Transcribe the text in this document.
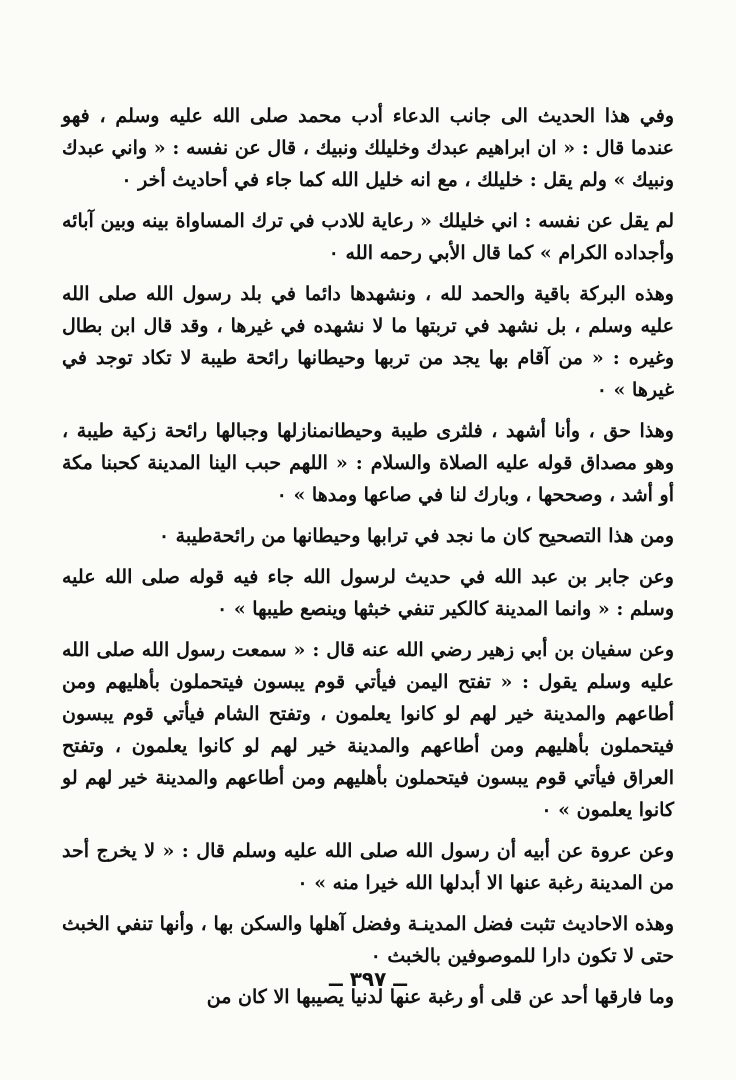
وفي هذا الحديث الى جانب الدعاء أدب محمد صلى الله عليه وسلم ، فهو عندما قال : « ان ابراهيم عبدك وخليلك ونبيك ، قال عن نفسه : « واني عبدك ونبيك » ولم يقل : خليلك ، مع انه خليل الله كما جاء في أحاديث أخر ٠

لم يقل عن نفسه : اني خليلك « رعاية للادب في ترك المساواة بينه وبين آبائه وأجداده الكرام » كما قال الأبي رحمه الله ٠

وهذه البركة باقية والحمد لله ، ونشهدها دائما في بلد رسول الله صلى الله عليه وسلم ، بل نشهد في تربتها ما لا نشهده في غيرها ، وقد قال ابن بطال وغيره : « من آقام بها يجد من تربها وحيطانها رائحة طيبة لا تكاد توجد في غيرها » ٠

وهذا حق ، وأنا أشهد ، فلثرى طيبة وحيطانمنازلها وجبالها رائحة زكية طيبة ، وهو مصداق قوله عليه الصلاة والسلام : « اللهم حبب الينا المدينة كحبنا مكة أو أشد ، وصححها ، وبارك لنا في صاعها ومدها » ٠

ومن هذا التصحيح كان ما نجد في ترابها وحيطانها من رائحةطيبة ٠

وعن جابر بن عبد الله في حديث لرسول الله جاء فيه قوله صلى الله عليه وسلم : « وانما المدينة كالكير تنفي خبثها وينصع طيبها » ٠

وعن سفيان بن أبي زهير رضي الله عنه قال : « سمعت رسول الله صلى الله عليه وسلم يقول : « تفتح اليمن فيأتي قوم يبسون فيتحملون بأهليهم ومن أطاعهم والمدينة خير لهم لو كانوا يعلمون ، وتفتح الشام فيأتي قوم يبسون فيتحملون بأهليهم ومن أطاعهم والمدينة خير لهم لو كانوا يعلمون ، وتفتح العراق فيأتي قوم يبسون فيتحملون بأهليهم ومن أطاعهم والمدينة خير لهم لو كانوا يعلمون » ٠

وعن عروة عن أبيه أن رسول الله صلى الله عليه وسلم قال : « لا يخرج أحد من المدينة رغبة عنها الا أبدلها الله خيرا منه » ٠

وهذه الاحاديث تثبت فضل المدينـة وفضل آهلها والسكن بها ، وأنها تنفي الخبث حتى لا تكون دارا للموصوفين بالخبث ٠

وما فارقها أحد عن قلى أو رغبة عنها لدنيا يصيبها الا كان من

ــ ٣٩٧ ــ
